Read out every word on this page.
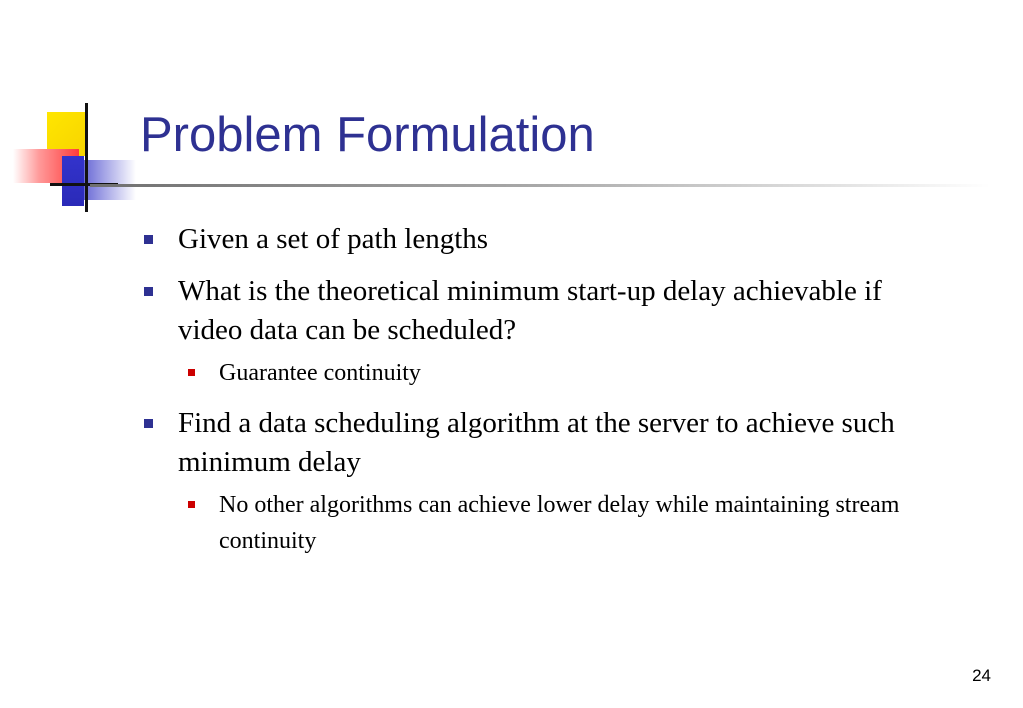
Problem Formulation
Given a set of path lengths
What is the theoretical minimum start-up delay achievable if video data can be scheduled?
Guarantee continuity
Find a data scheduling algorithm at the server to achieve such minimum delay
No other algorithms can achieve lower delay while maintaining stream continuity
24
